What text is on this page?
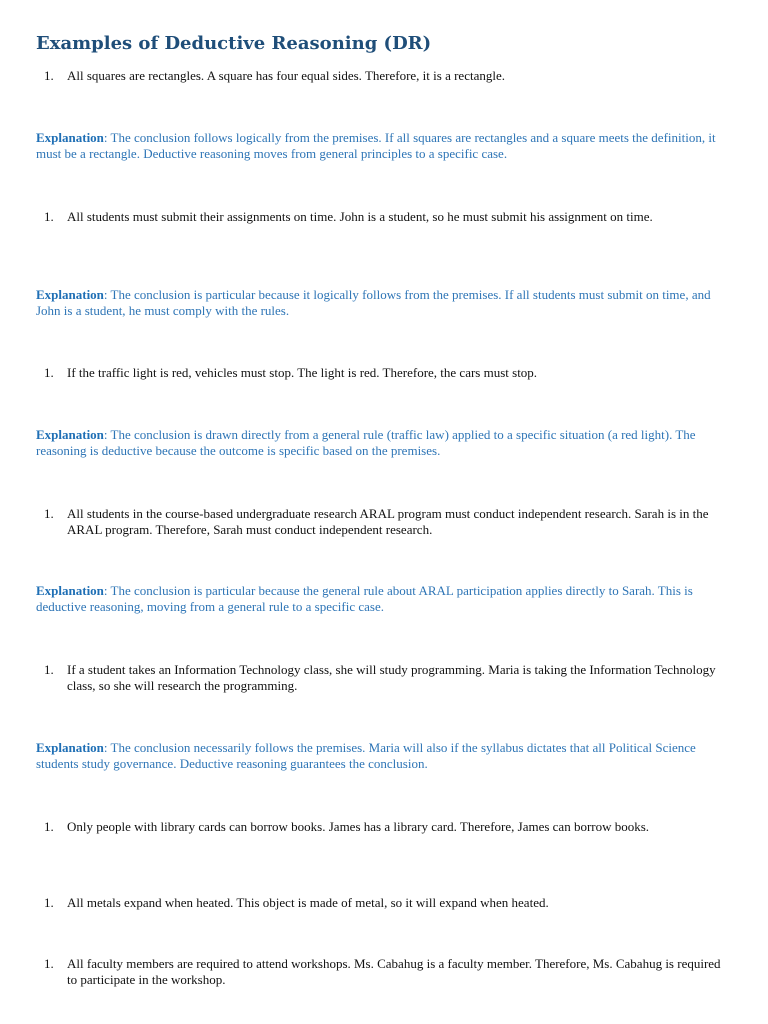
Examples of Deductive Reasoning (DR)
1. All squares are rectangles. A square has four equal sides. Therefore, it is a rectangle.

Explanation: The conclusion follows logically from the premises. If all squares are rectangles and a square meets the definition, it must be a rectangle. Deductive reasoning moves from general principles to a specific case.

1. All students must submit their assignments on time. John is a student, so he must submit his assignment on time.

Explanation: The conclusion is particular because it logically follows from the premises. If all students must submit on time, and John is a student, he must comply with the rules.

1. If the traffic light is red, vehicles must stop. The light is red. Therefore, the cars must stop.

Explanation: The conclusion is drawn directly from a general rule (traffic law) applied to a specific situation (a red light). The reasoning is deductive because the outcome is specific based on the premises.

1. All students in the course-based undergraduate research ARAL program must conduct independent research. Sarah is in the ARAL program. Therefore, Sarah must conduct independent research.

Explanation: The conclusion is particular because the general rule about ARAL participation applies directly to Sarah. This is deductive reasoning, moving from a general rule to a specific case.

1. If a student takes an Information Technology class, she will study programming. Maria is taking the Information Technology class, so she will research the programming.

Explanation: The conclusion necessarily follows the premises. Maria will also if the syllabus dictates that all Political Science students study governance. Deductive reasoning guarantees the conclusion.

1. Only people with library cards can borrow books. James has a library card. Therefore, James can borrow books.
1. All metals expand when heated. This object is made of metal, so it will expand when heated.
1. All faculty members are required to attend workshops. Ms. Cabahug is a faculty member. Therefore, Ms. Cabahug is required to participate in the workshop.
